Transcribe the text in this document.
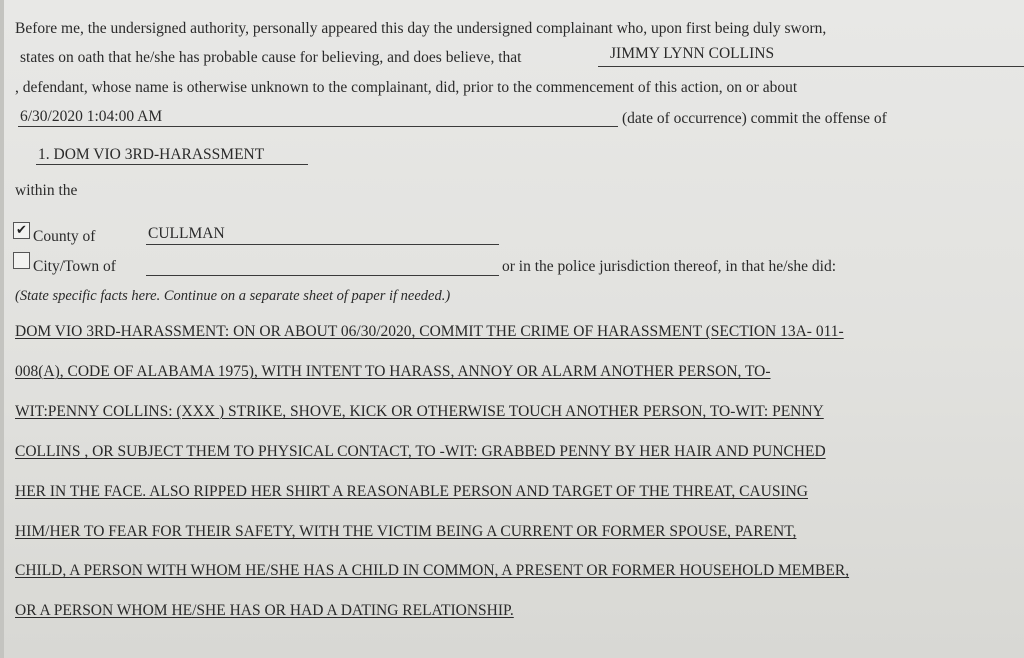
Before me, the undersigned authority, personally appeared this day the undersigned complainant who, upon first being duly sworn,
states on oath that he/she has probable cause for believing, and does believe, that	JIMMY LYNN COLLINS
, defendant, whose name is otherwise unknown to the complainant, did, prior to the commencement of this action, on or about
6/30/2020 1:04:00 AM	(date of occurrence) commit the offense of
1. DOM VIO 3RD-HARASSMENT
within the
✔ County of	CULLMAN
City/Town of	or in the police jurisdiction thereof, in that he/she did:
(State specific facts here. Continue on a separate sheet of paper if needed.)
DOM VIO 3RD-HARASSMENT: ON OR ABOUT 06/30/2020, COMMIT THE CRIME OF HARASSMENT (SECTION 13A- 011-
008(A), CODE OF ALABAMA 1975), WITH INTENT TO HARASS, ANNOY OR ALARM ANOTHER PERSON, TO-
WIT:PENNY COLLINS: (XXX ) STRIKE, SHOVE, KICK OR OTHERWISE TOUCH ANOTHER PERSON, TO-WIT: PENNY
COLLINS , OR SUBJECT THEM TO PHYSICAL CONTACT, TO -WIT: GRABBED PENNY BY HER HAIR AND PUNCHED
HER IN THE FACE. ALSO RIPPED HER SHIRT A REASONABLE PERSON AND TARGET OF THE THREAT, CAUSING
HIM/HER TO FEAR FOR THEIR SAFETY, WITH THE VICTIM BEING A CURRENT OR FORMER SPOUSE, PARENT,
CHILD, A PERSON WITH WHOM HE/SHE HAS A CHILD IN COMMON, A PRESENT OR FORMER HOUSEHOLD MEMBER,
OR A PERSON WHOM HE/SHE HAS OR HAD A DATING RELATIONSHIP.
